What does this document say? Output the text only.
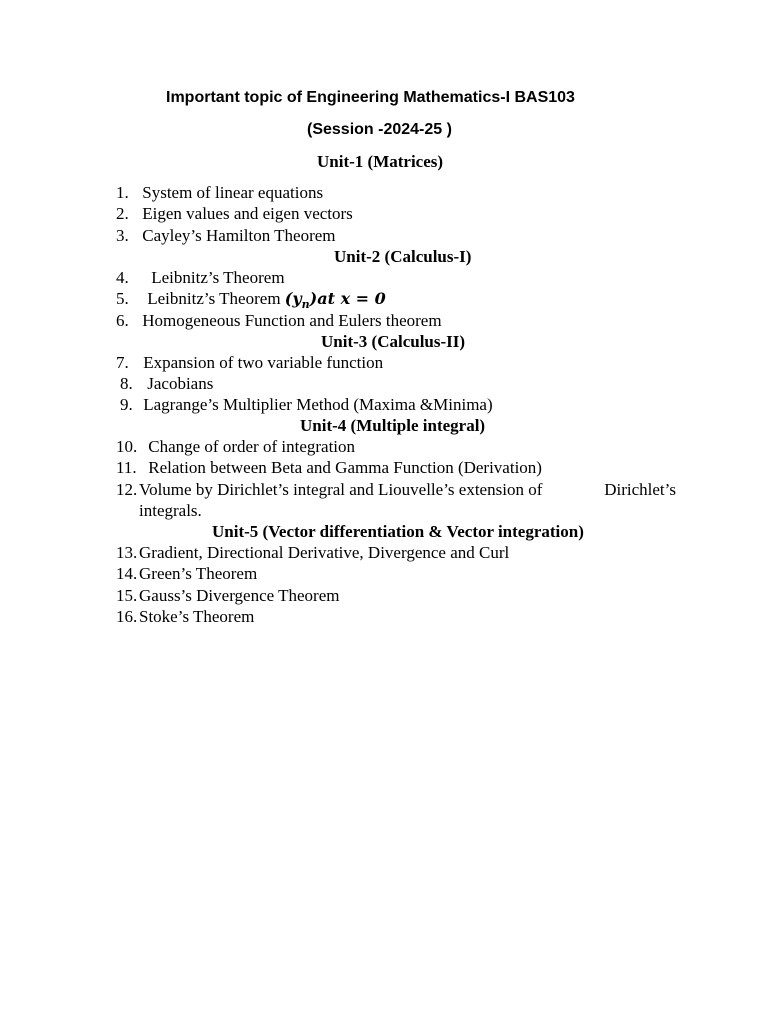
Important topic of Engineering Mathematics-I BAS103
(Session -2024-25 )
Unit-1 (Matrices)
1. System of linear equations
2. Eigen values and eigen vectors
3. Cayley’s Hamilton Theorem
Unit-2 (Calculus-I)
4. Leibnitz’s Theorem
5. Leibnitz’s Theorem $(y_n)at$ x = 0
6. Homogeneous Function and Eulers theorem
Unit-3 (Calculus-II)
7. Expansion of two variable function
8. Jacobians
9. Lagrange’s Multiplier Method (Maxima &Minima)
Unit-4 (Multiple integral)
10. Change of order of integration
11. Relation between Beta and Gamma Function (Derivation)
12. Volume by Dirichlet’s integral and Liouvelle’s extension of	Dirichlet’s
integrals.
Unit-5 (Vector differentiation & Vector integration)
13. Gradient, Directional Derivative, Divergence and Curl
14. Green’s Theorem
15. Gauss’s Divergence Theorem
16. Stoke’s Theorem
